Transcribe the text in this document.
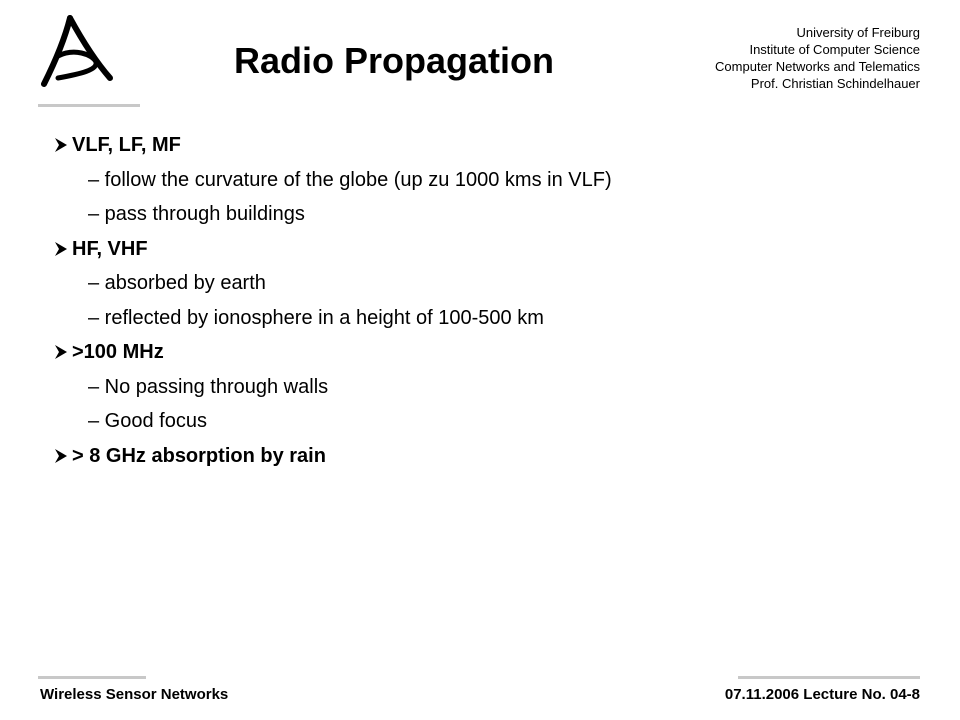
Radio Propagation
University of Freiburg
Institute of Computer Science
Computer Networks and Telematics
Prof. Christian Schindelhauer
VLF, LF, MF
– follow the curvature of the globe (up zu 1000 kms in VLF)
– pass through buildings
HF, VHF
– absorbed by earth
– reflected by ionosphere in a height of 100-500 km
>100 MHz
– No passing through walls
– Good focus
> 8 GHz absorption by rain
Wireless Sensor Networks	07.11.2006 Lecture No. 04-8
